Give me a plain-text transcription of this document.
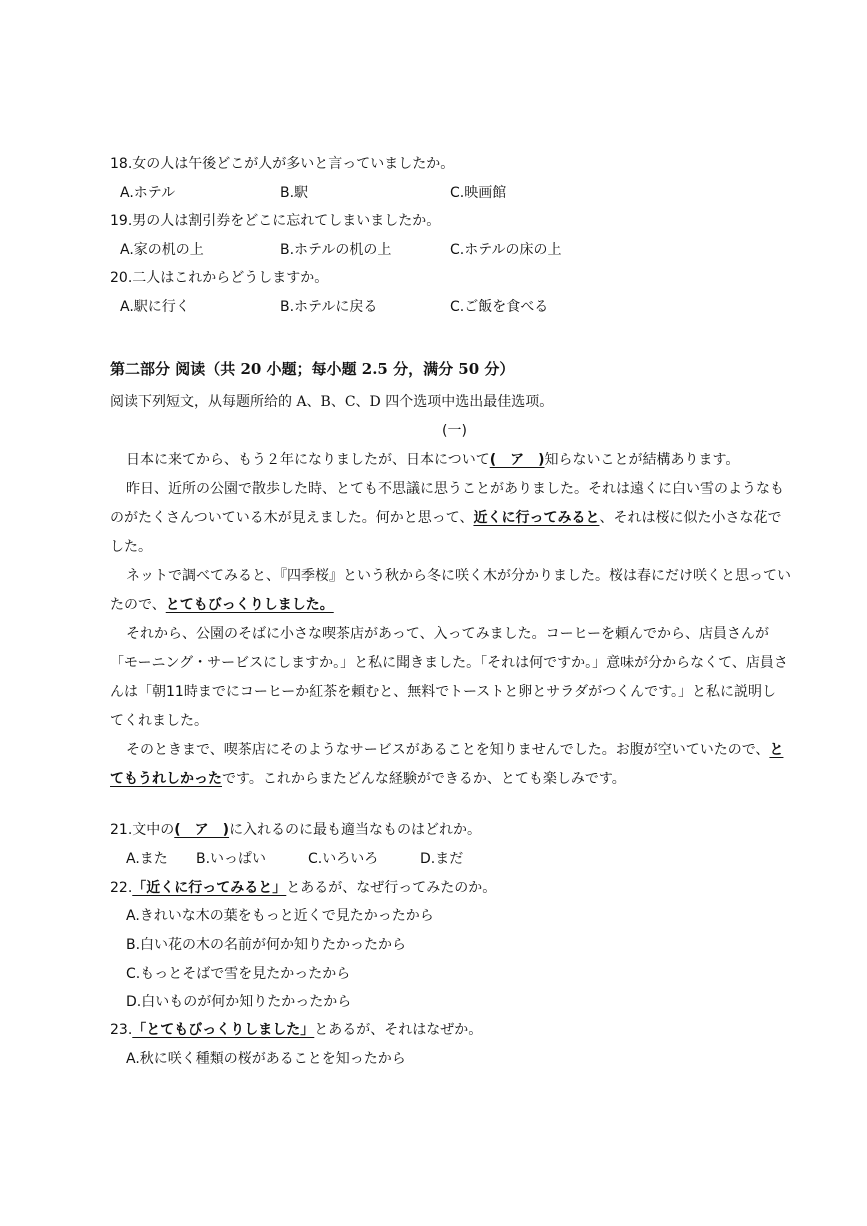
18.女の人は午後どこが人が多いと言っていましたか。
A.ホテル	B.駅	C.映画館
19.男の人は割引券をどこに忘れてしまいましたか。
A.家の机の上	B.ホテルの机の上	C.ホテルの床の上
20.二人はこれからどうしますか。
A.駅に行く	B.ホテルに戻る	C.ご飯を食べる
第二部分 阅读（共 20 小题；每小题 2.5 分，满分 50 分）
阅读下列短文，从每题所给的 A、B、C、D 四个选项中选出最佳选项。
(一)
日本に来てから、もう２年になりましたが、日本について(　ア　)知らないことが結構あります。
昨日、近所の公園で散歩した時、とても不思議に思うことがありました。それは遠くに白い雪のようなも
のがたくさんついている木が見えました。何かと思って、近くに行ってみると、それは桜に似た小さな花で
した。
ネットで調べてみると、『四季桜』という秋から冬に咲く木が分かりました。桜は春にだけ咲くと思ってい
たので、とてもびっくりしました。
それから、公園のそばに小さな喫茶店があって、入ってみました。コーヒーを頼んでから、店員さんが
「モーニング・サービスにしますか。」と私に聞きました。「それは何ですか。」意味が分からなくて、店員さ
んは「朝11時までにコーヒーか紅茶を頼むと、無料でトーストと卵とサラダがつくんです。」と私に説明し
てくれました。
そのときまで、喫茶店にそのようなサービスがあることを知りませんでした。お腹が空いていたので、と
てもうれしかったです。これからまたどんな経験ができるか、とても楽しみです。
21.文中の(　ア　)に入れるのに最も適当なものはどれか。
A.また B.いっぱい	C.いろいろ	D.まだ
22.「近くに行ってみると」とあるが、なぜ行ってみたのか。
A.きれいな木の葉をもっと近くで見たかったから
B.白い花の木の名前が何か知りたかったから
C.もっとそばで雪を見たかったから
D.白いものが何か知りたかったから
23.「とてもびっくりしました」とあるが、それはなぜか。
A.秋に咲く種類の桜があることを知ったから
